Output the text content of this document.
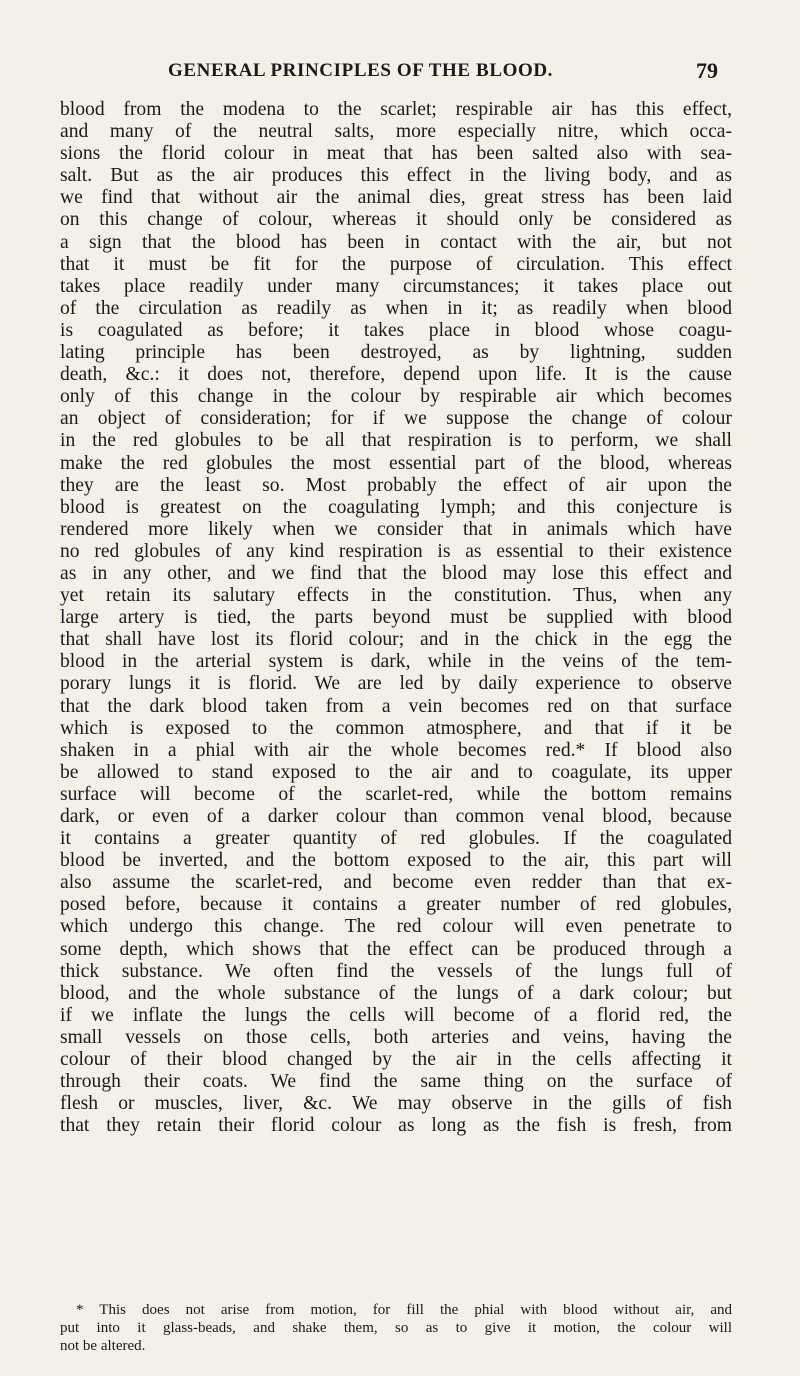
GENERAL PRINCIPLES OF THE BLOOD.	79
blood from the modena to the scarlet; respirable air has this effect,
and many of the neutral salts, more especially nitre, which occa-
sions the florid colour in meat that has been salted also with sea-
salt. But as the air produces this effect in the living body, and as
we find that without air the animal dies, great stress has been laid
on this change of colour, whereas it should only be considered as
a sign that the blood has been in contact with the air, but not
that it must be fit for the purpose of circulation. This effect
takes place readily under many circumstances; it takes place out
of the circulation as readily as when in it; as readily when blood
is coagulated as before; it takes place in blood whose coagu-
lating principle has been destroyed, as by lightning, sudden
death, &c.: it does not, therefore, depend upon life. It is the cause
only of this change in the colour by respirable air which becomes
an object of consideration; for if we suppose the change of colour
in the red globules to be all that respiration is to perform, we shall
make the red globules the most essential part of the blood, whereas
they are the least so. Most probably the effect of air upon the
blood is greatest on the coagulating lymph; and this conjecture is
rendered more likely when we consider that in animals which have
no red globules of any kind respiration is as essential to their existence
as in any other, and we find that the blood may lose this effect and
yet retain its salutary effects in the constitution. Thus, when any
large artery is tied, the parts beyond must be supplied with blood
that shall have lost its florid colour; and in the chick in the egg the
blood in the arterial system is dark, while in the veins of the tem-
porary lungs it is florid. We are led by daily experience to observe
that the dark blood taken from a vein becomes red on that surface
which is exposed to the common atmosphere, and that if it be
shaken in a phial with air the whole becomes red.* If blood also
be allowed to stand exposed to the air and to coagulate, its upper
surface will become of the scarlet-red, while the bottom remains
dark, or even of a darker colour than common venal blood, because
it contains a greater quantity of red globules. If the coagulated
blood be inverted, and the bottom exposed to the air, this part will
also assume the scarlet-red, and become even redder than that ex-
posed before, because it contains a greater number of red globules,
which undergo this change. The red colour will even penetrate to
some depth, which shows that the effect can be produced through a
thick substance. We often find the vessels of the lungs full of
blood, and the whole substance of the lungs of a dark colour; but
if we inflate the lungs the cells will become of a florid red, the
small vessels on those cells, both arteries and veins, having the
colour of their blood changed by the air in the cells affecting it
through their coats. We find the same thing on the surface of
flesh or muscles, liver, &c. We may observe in the gills of fish
that they retain their florid colour as long as the fish is fresh, from
* This does not arise from motion, for fill the phial with blood without air, and
put into it glass-beads, and shake them, so as to give it motion, the colour will
not be altered.
